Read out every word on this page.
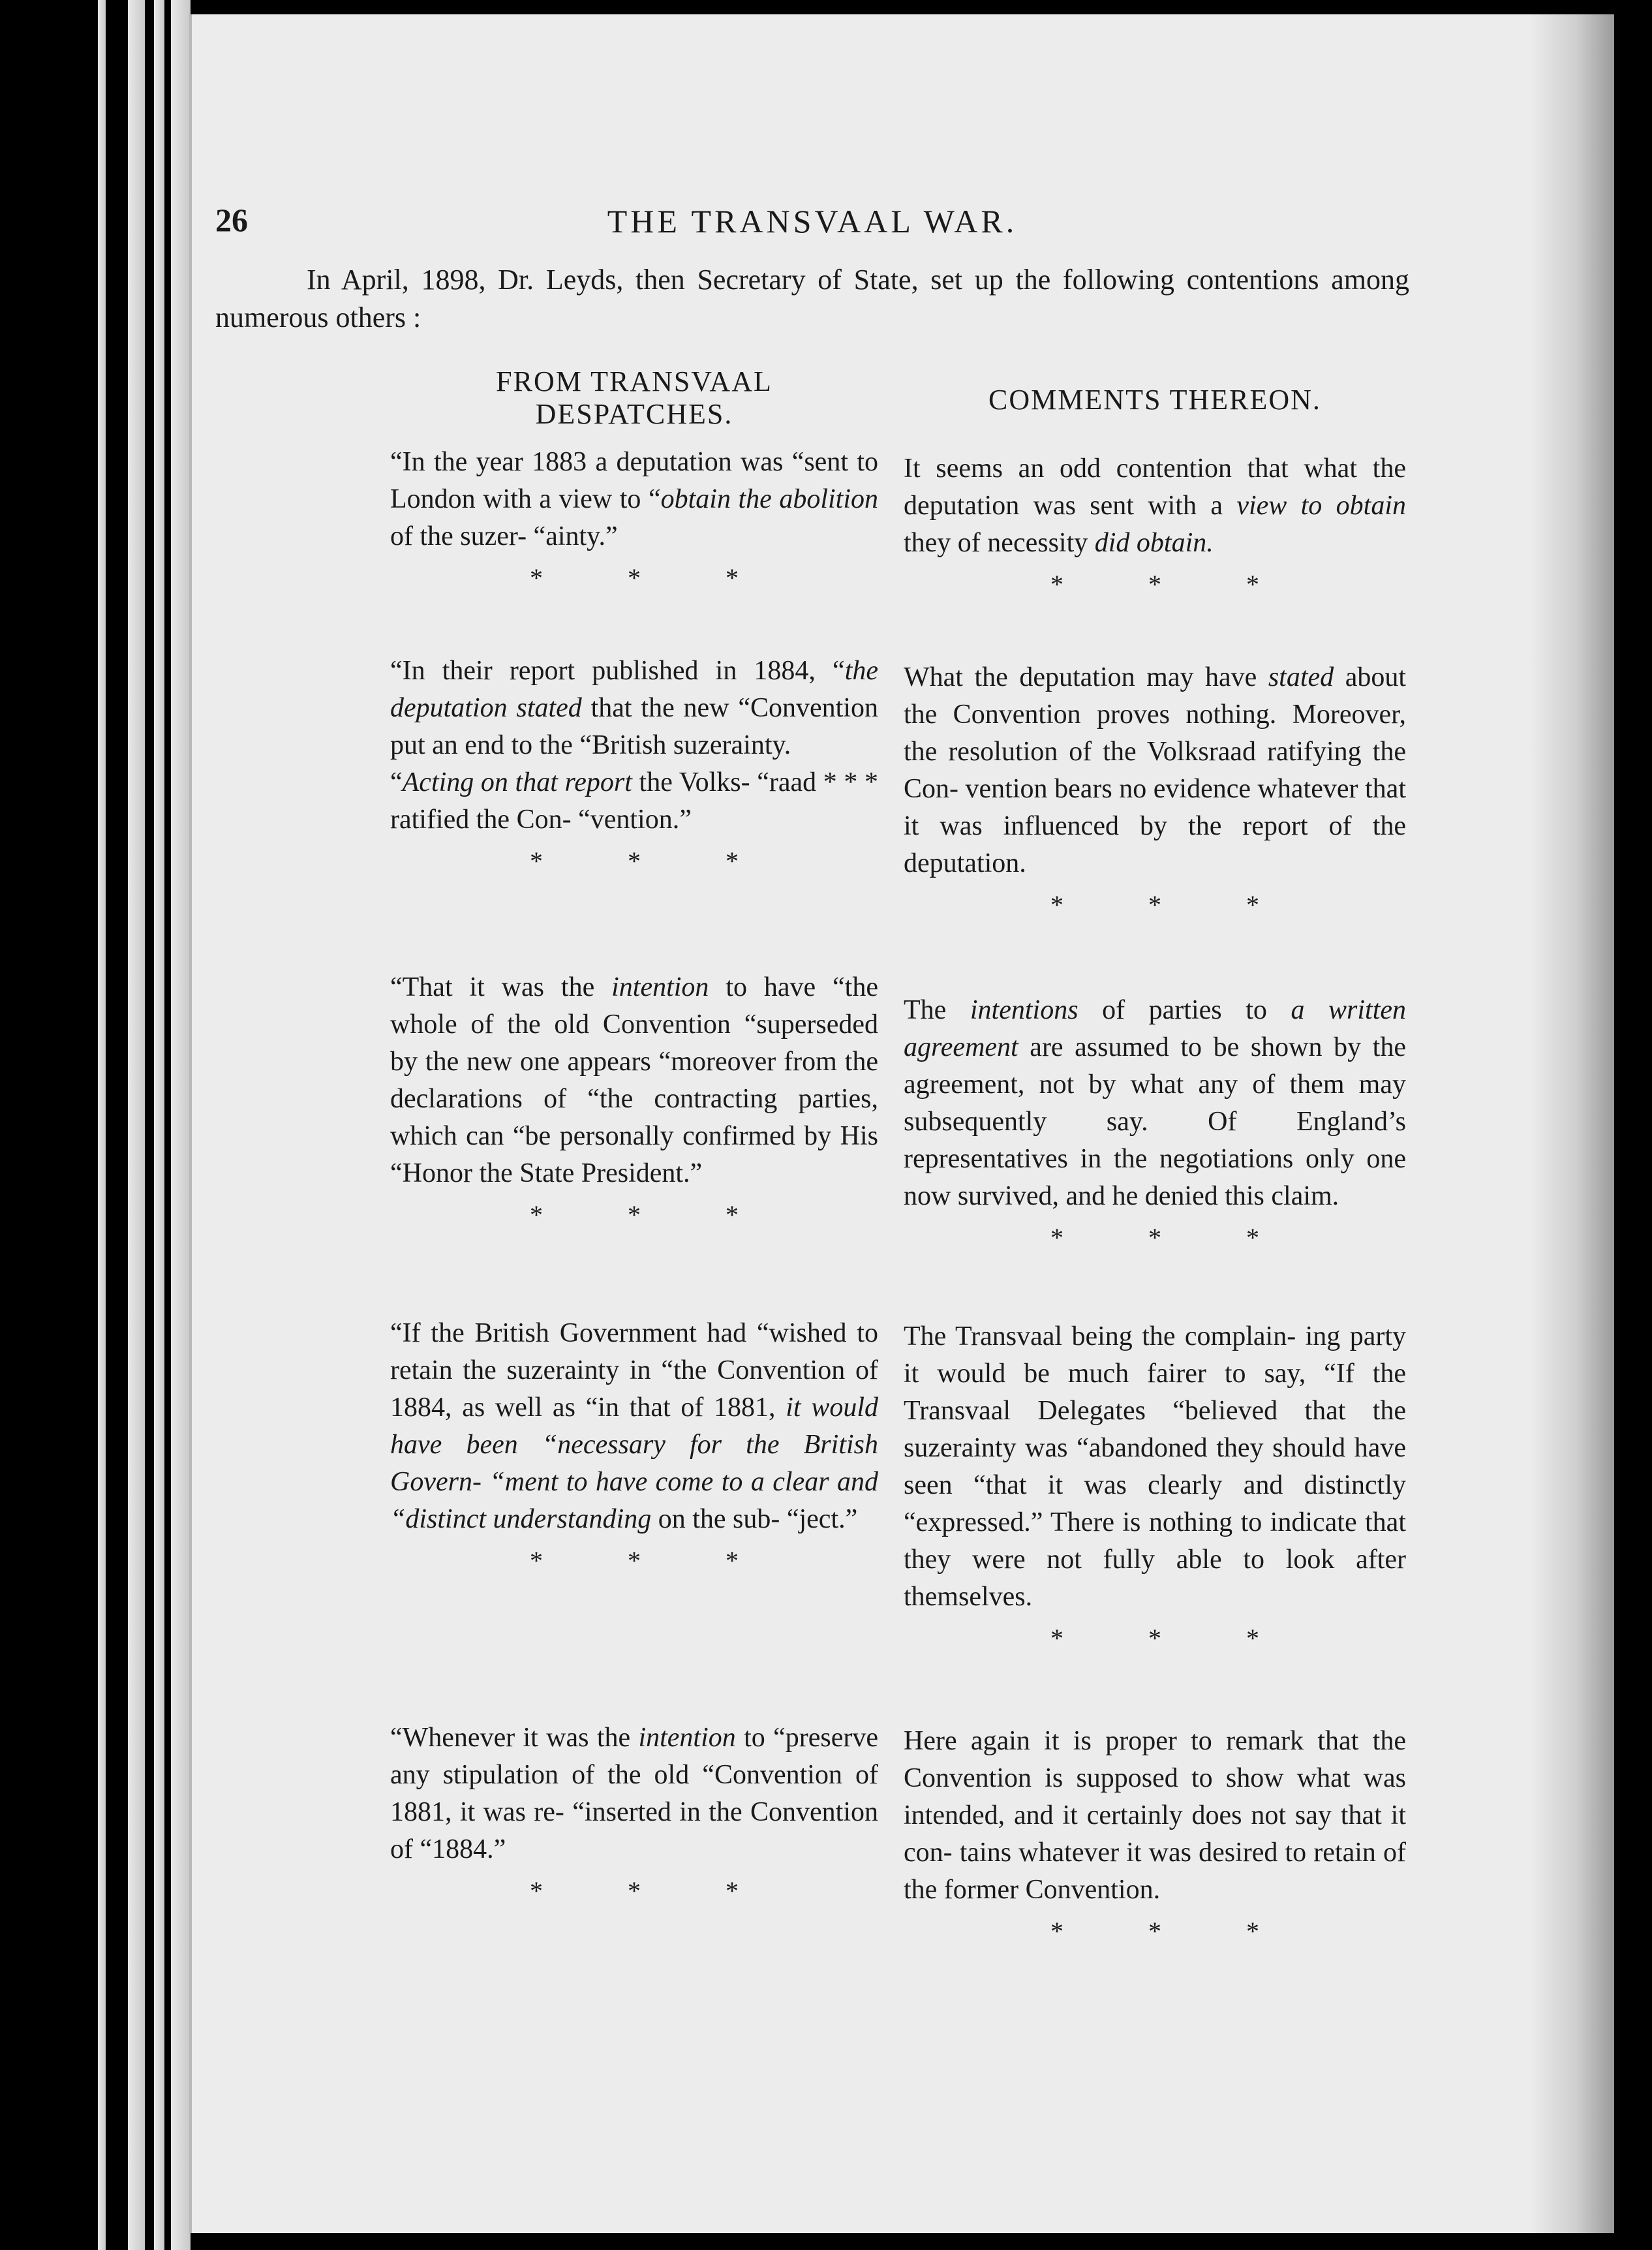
26	THE TRANSVAAL WAR.
In April, 1898, Dr. Leyds, then Secretary of State, set up the following contentions among numerous others :
FROM TRANSVAAL
DESPATCHES.

“In the year 1883 a deputation was “sent to London with a view to “obtain the abolition of the suzer- “ainty.”

* * *

“In their report published in 1884, “the deputation stated that the new “Convention put an end to the “British suzerainty.

“Acting on that report the Volks- “raad * * * ratified the Con- “vention.”

* * *

“That it was the intention to have “the whole of the old Convention “superseded by the new one appears “moreover from the declarations of “the contracting parties, which can “be personally confirmed by His “Honor the State President.”

* * *

“If the British Government had “wished to retain the suzerainty in “the Convention of 1884, as well as “in that of 1881, it would have been “necessary for the British Govern- “ment to have come to a clear and “distinct understanding on the sub- “ject.”

* * *

“Whenever it was the intention to “preserve any stipulation of the old “Convention of 1881, it was re- “inserted in the Convention of “1884.”

* * *
COMMENTS THEREON.

It seems an odd contention that what the deputation was sent with a view to obtain they of necessity did obtain.

* * *

What the deputation may have stated about the Convention proves nothing. Moreover, the resolution of the Volksraad ratifying the Con- vention bears no evidence whatever that it was influenced by the report of the deputation.

* * *

The intentions of parties to a written agreement are assumed to be shown by the agreement, not by what any of them may subsequently say. Of England’s representatives in the negotiations only one now survived, and he denied this claim.

* * *

The Transvaal being the complain- ing party it would be much fairer to say, “If the Transvaal Delegates “believed that the suzerainty was “abandoned they should have seen “that it was clearly and distinctly “expressed.” There is nothing to indicate that they were not fully able to look after themselves.

* * *

Here again it is proper to remark that the Convention is supposed to show what was intended, and it certainly does not say that it con- tains whatever it was desired to retain of the former Convention.

* * *
